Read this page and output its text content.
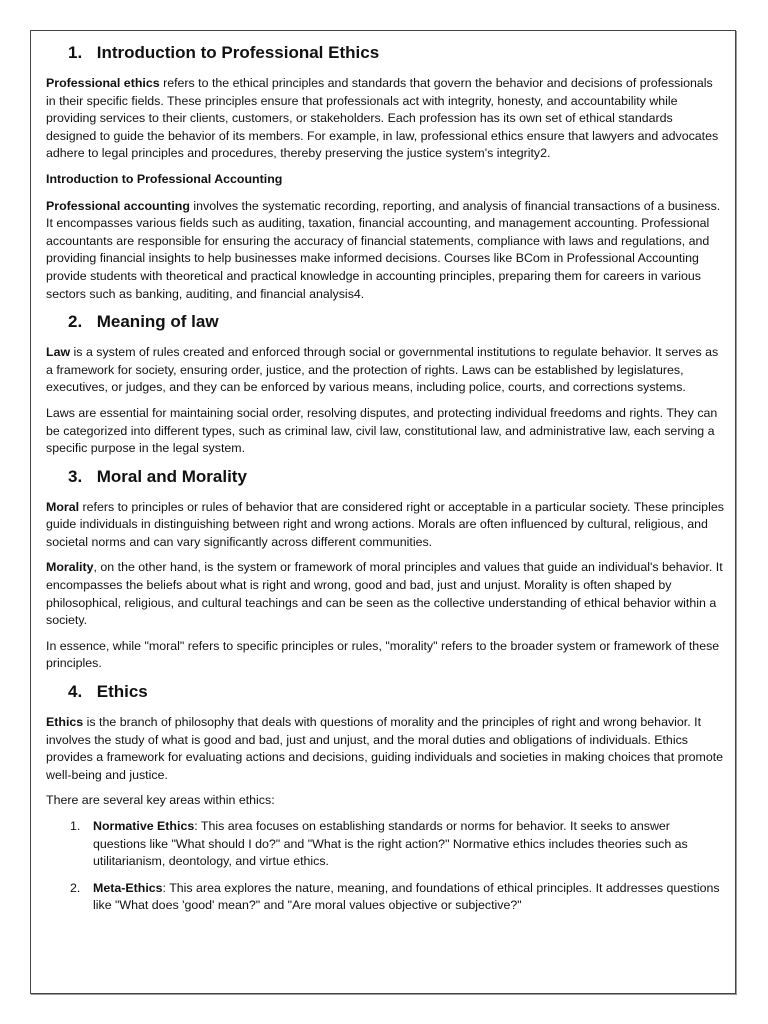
1. Introduction to Professional Ethics

Professional ethics refers to the ethical principles and standards that govern the behavior and decisions of professionals in their specific fields. These principles ensure that professionals act with integrity, honesty, and accountability while providing services to their clients, customers, or stakeholders. Each profession has its own set of ethical standards designed to guide the behavior of its members. For example, in law, professional ethics ensure that lawyers and advocates adhere to legal principles and procedures, thereby preserving the justice system's integrity2.

Introduction to Professional Accounting

Professional accounting involves the systematic recording, reporting, and analysis of financial transactions of a business. It encompasses various fields such as auditing, taxation, financial accounting, and management accounting. Professional accountants are responsible for ensuring the accuracy of financial statements, compliance with laws and regulations, and providing financial insights to help businesses make informed decisions. Courses like BCom in Professional Accounting provide students with theoretical and practical knowledge in accounting principles, preparing them for careers in various sectors such as banking, auditing, and financial analysis4.

2. Meaning of law

Law is a system of rules created and enforced through social or governmental institutions to regulate behavior. It serves as a framework for society, ensuring order, justice, and the protection of rights. Laws can be established by legislatures, executives, or judges, and they can be enforced by various means, including police, courts, and corrections systems.

Laws are essential for maintaining social order, resolving disputes, and protecting individual freedoms and rights. They can be categorized into different types, such as criminal law, civil law, constitutional law, and administrative law, each serving a specific purpose in the legal system.

3. Moral and Morality

Moral refers to principles or rules of behavior that are considered right or acceptable in a particular society. These principles guide individuals in distinguishing between right and wrong actions. Morals are often influenced by cultural, religious, and societal norms and can vary significantly across different communities.

Morality, on the other hand, is the system or framework of moral principles and values that guide an individual's behavior. It encompasses the beliefs about what is right and wrong, good and bad, just and unjust. Morality is often shaped by philosophical, religious, and cultural teachings and can be seen as the collective understanding of ethical behavior within a society.

In essence, while "moral" refers to specific principles or rules, "morality" refers to the broader system or framework of these principles.

4. Ethics

Ethics is the branch of philosophy that deals with questions of morality and the principles of right and wrong behavior. It involves the study of what is good and bad, just and unjust, and the moral duties and obligations of individuals. Ethics provides a framework for evaluating actions and decisions, guiding individuals and societies in making choices that promote well-being and justice.

There are several key areas within ethics:

1. Normative Ethics: This area focuses on establishing standards or norms for behavior. It seeks to answer questions like "What should I do?" and "What is the right action?" Normative ethics includes theories such as utilitarianism, deontology, and virtue ethics.
2. Meta-Ethics: This area explores the nature, meaning, and foundations of ethical principles. It addresses questions like "What does 'good' mean?" and "Are moral values objective or subjective?"
